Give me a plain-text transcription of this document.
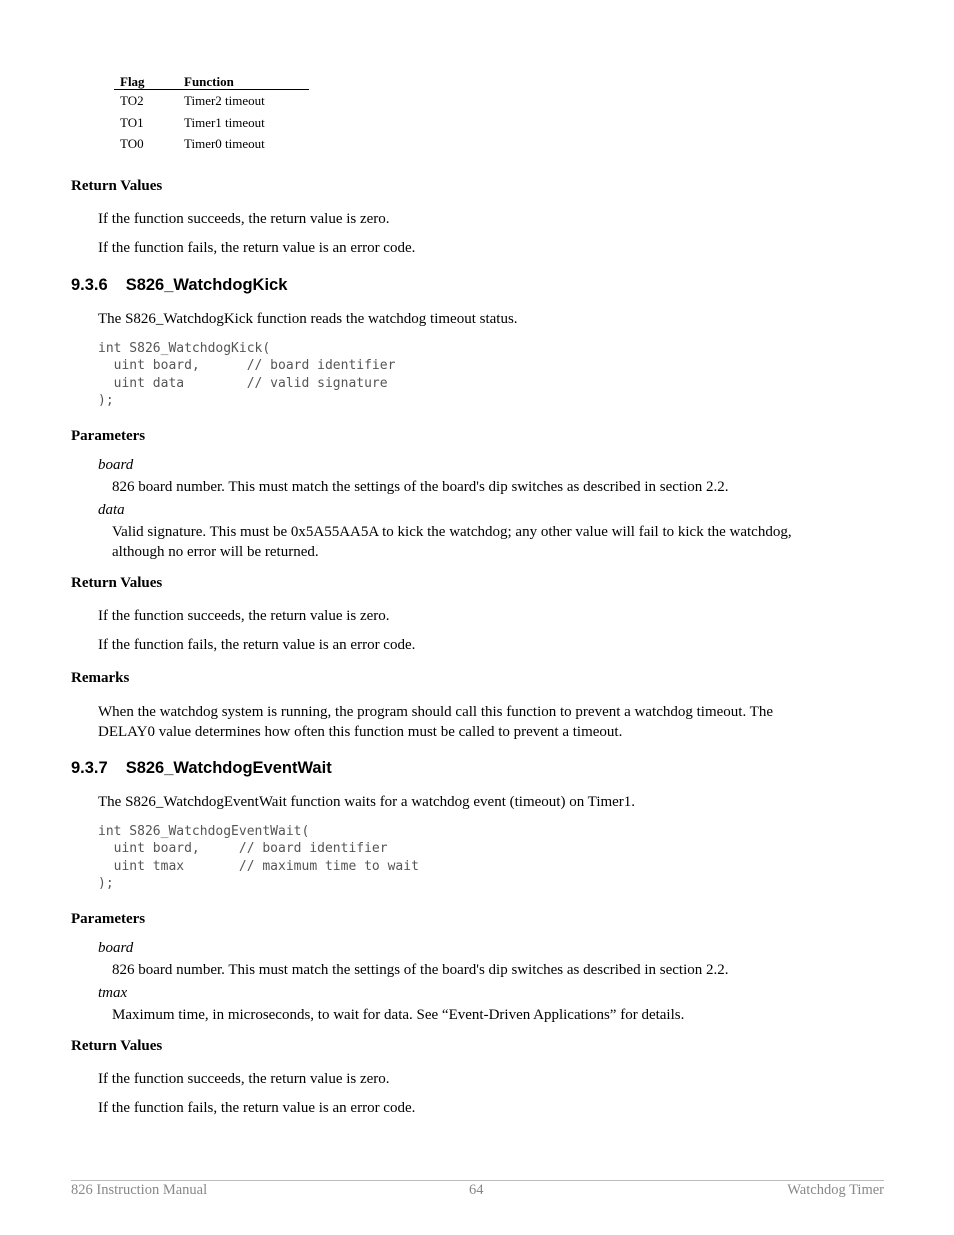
Flag	Function
TO2	Timer2 timeout
TO1	Timer1 timeout
TO0	Timer0 timeout
Return Values
If the function succeeds, the return value is zero.
If the function fails, the return value is an error code.
9.3.6 S826_WatchdogKick
The S826_WatchdogKick function reads the watchdog timeout status.
int S826_WatchdogKick(
uint board,      // board identifier
uint data        // valid signature
);
Parameters
board
826 board number. This must match the settings of the board's dip switches as described in section 2.2.
data
Valid signature. This must be 0x5A55AA5A to kick the watchdog; any other value will fail to kick the watchdog,
although no error will be returned.
Return Values
If the function succeeds, the return value is zero.
If the function fails, the return value is an error code.
Remarks
When the watchdog system is running, the program should call this function to prevent a watchdog timeout. The
DELAY0 value determines how often this function must be called to prevent a timeout.
9.3.7 S826_WatchdogEventWait
The S826_WatchdogEventWait function waits for a watchdog event (timeout) on Timer1.
int S826_WatchdogEventWait(
uint board,     // board identifier
uint tmax       // maximum time to wait
);
Parameters
board
826 board number. This must match the settings of the board's dip switches as described in section 2.2.
tmax
Maximum time, in microseconds, to wait for data. See “Event-Driven Applications” for details.
Return Values
If the function succeeds, the return value is zero.
If the function fails, the return value is an error code.
826 Instruction Manual	64	Watchdog Timer
